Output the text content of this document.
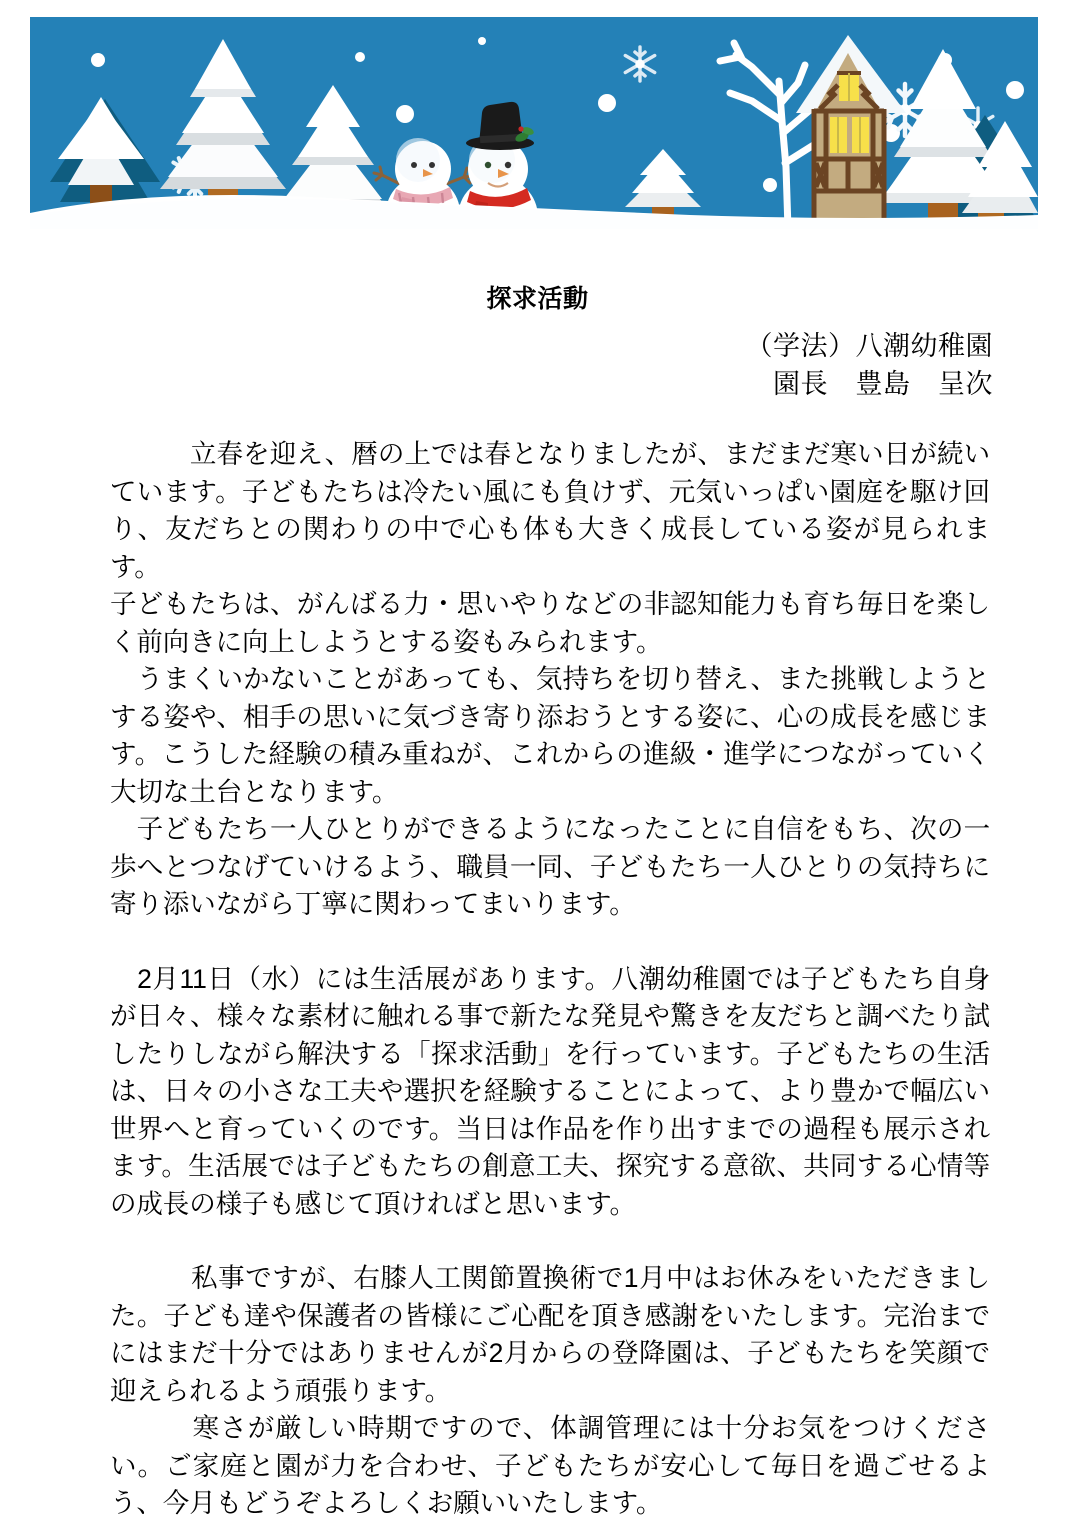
探求活動
（学法）八潮幼稚園
園長　豊島　呈次

　　　立春を迎え、暦の上では春となりましたが、まだまだ寒い日が続いています。子どもたちは冷たい風にも負けず、元気いっぱい園庭を駆け回り、友だちとの関わりの中で心も体も大きく成長している姿が見られます。

子どもたちは、がんばる力・思いやりなどの非認知能力も育ち毎日を楽しく前向きに向上しようとする姿もみられます。

　うまくいかないことがあっても、気持ちを切り替え、また挑戦しようとする姿や、相手の思いに気づき寄り添おうとする姿に、心の成長を感じます。こうした経験の積み重ねが、これからの進級・進学につながっていく大切な土台となります。

　子どもたち一人ひとりができるようになったことに自信をもち、次の一歩へとつなげていけるよう、職員一同、子どもたち一人ひとりの気持ちに寄り添いながら丁寧に関わってまいります。

　2月11日（水）には生活展があります。八潮幼稚園では子どもたち自身が日々、様々な素材に触れる事で新たな発見や驚きを友だちと調べたり試したりしながら解決する「探求活動」を行っています。子どもたちの生活は、日々の小さな工夫や選択を経験することによって、より豊かで幅広い世界へと育っていくのです。当日は作品を作り出すまでの過程も展示されます。生活展では子どもたちの創意工夫、探究する意欲、共同する心情等の成長の様子も感じて頂ければと思います。

　　　私事ですが、右膝人工関節置換術で1月中はお休みをいただきました。子ども達や保護者の皆様にご心配を頂き感謝をいたします。完治までにはまだ十分ではありませんが2月からの登降園は、子どもたちを笑顔で迎えられるよう頑張ります。

　　　寒さが厳しい時期ですので、体調管理には十分お気をつけください。ご家庭と園が力を合わせ、子どもたちが安心して毎日を過ごせるよう、今月もどうぞよろしくお願いいたします。
